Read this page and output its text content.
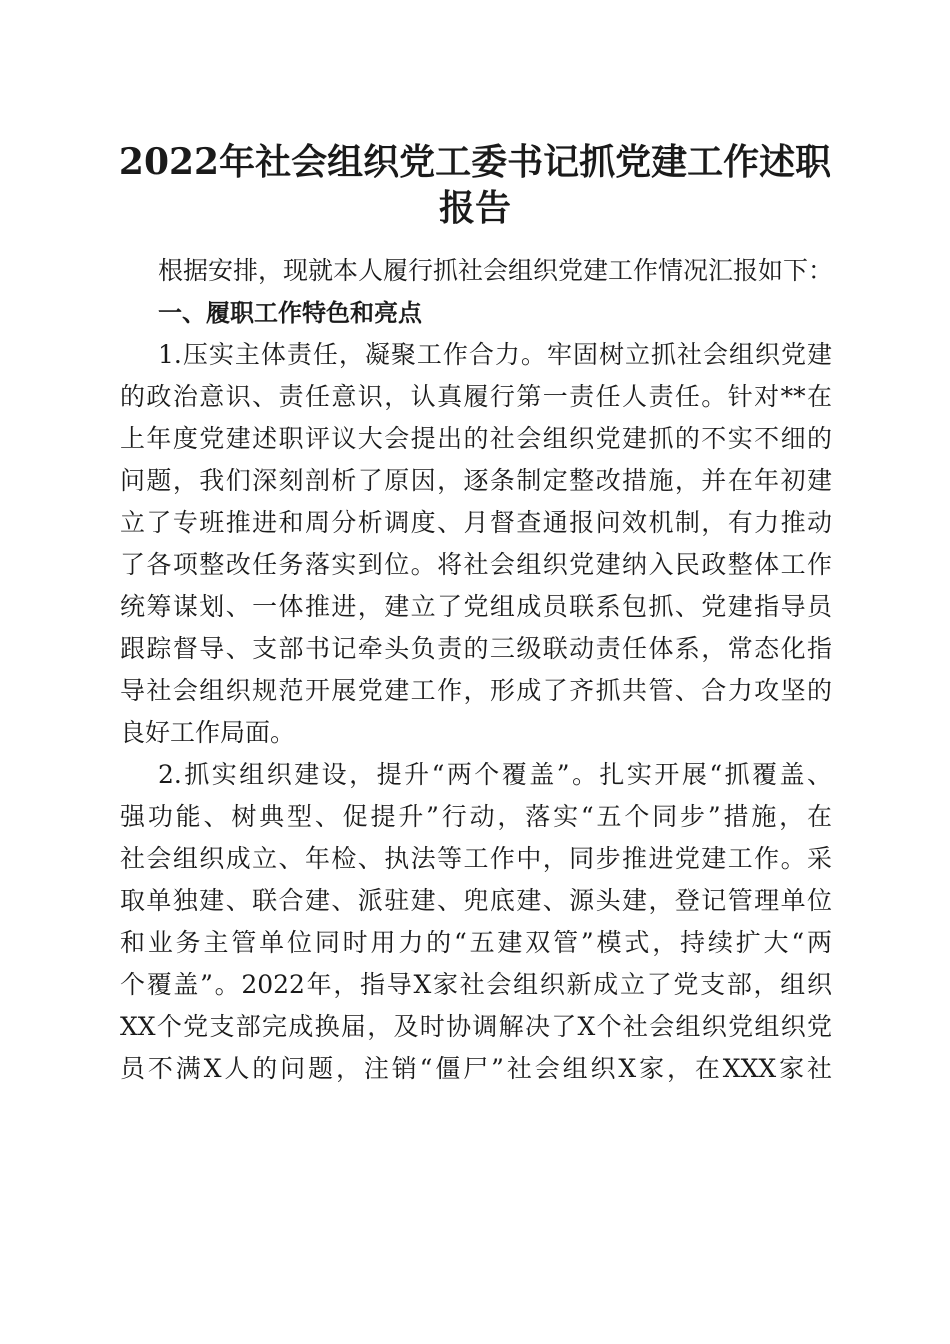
2022年社会组织党工委书记抓党建工作述职
报告
根据安排，现就本人履行抓社会组织党建工作情况汇报如下：
一、履职工作特色和亮点
1.压实主体责任，凝聚工作合力。牢固树立抓社会组织党建
的政治意识、责任意识，认真履行第一责任人责任。针对**在
上年度党建述职评议大会提出的社会组织党建抓的不实不细的
问题，我们深刻剖析了原因，逐条制定整改措施，并在年初建
立了专班推进和周分析调度、月督查通报问效机制，有力推动
了各项整改任务落实到位。将社会组织党建纳入民政整体工作
统筹谋划、一体推进，建立了党组成员联系包抓、党建指导员
跟踪督导、支部书记牵头负责的三级联动责任体系，常态化指
导社会组织规范开展党建工作，形成了齐抓共管、合力攻坚的
良好工作局面。
2.抓实组织建设，提升“两个覆盖”。扎实开展“抓覆盖、
强功能、树典型、促提升”行动，落实“五个同步”措施，在
社会组织成立、年检、执法等工作中，同步推进党建工作。采
取单独建、联合建、派驻建、兜底建、源头建，登记管理单位
和业务主管单位同时用力的“五建双管”模式，持续扩大“两
个覆盖”。2022年，指导X家社会组织新成立了党支部，组织
XX个党支部完成换届，及时协调解决了X个社会组织党组织党
员不满X人的问题，注销“僵尸”社会组织X家，在XXX家社
